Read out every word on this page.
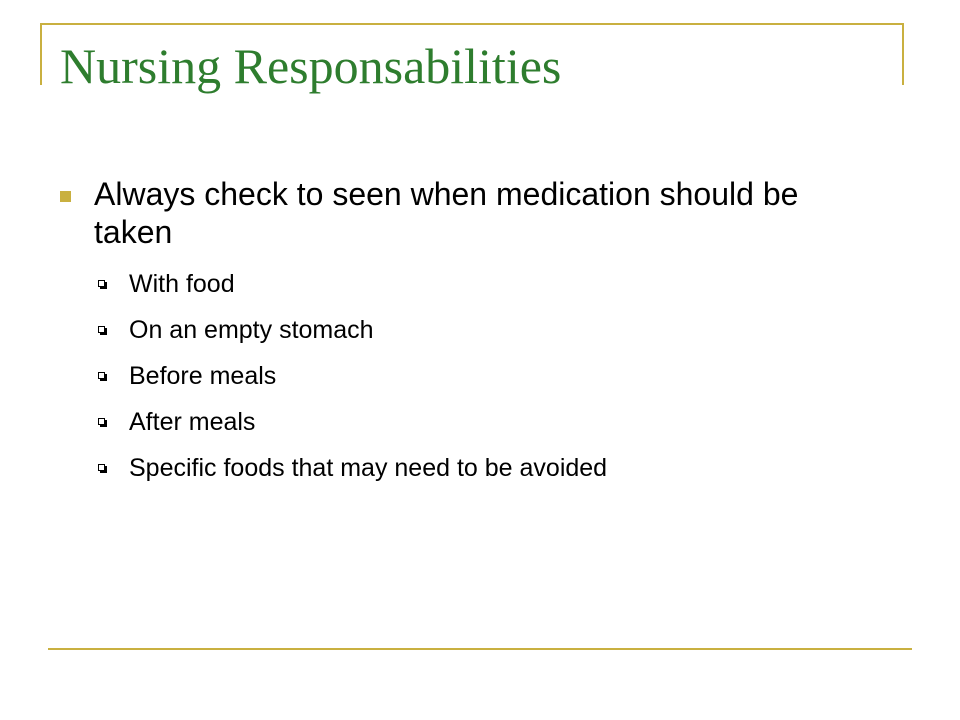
Nursing Responsabilities
Always check to seen when medication should be taken
With food
On an empty stomach
Before meals
After meals
Specific foods that may need to be avoided
